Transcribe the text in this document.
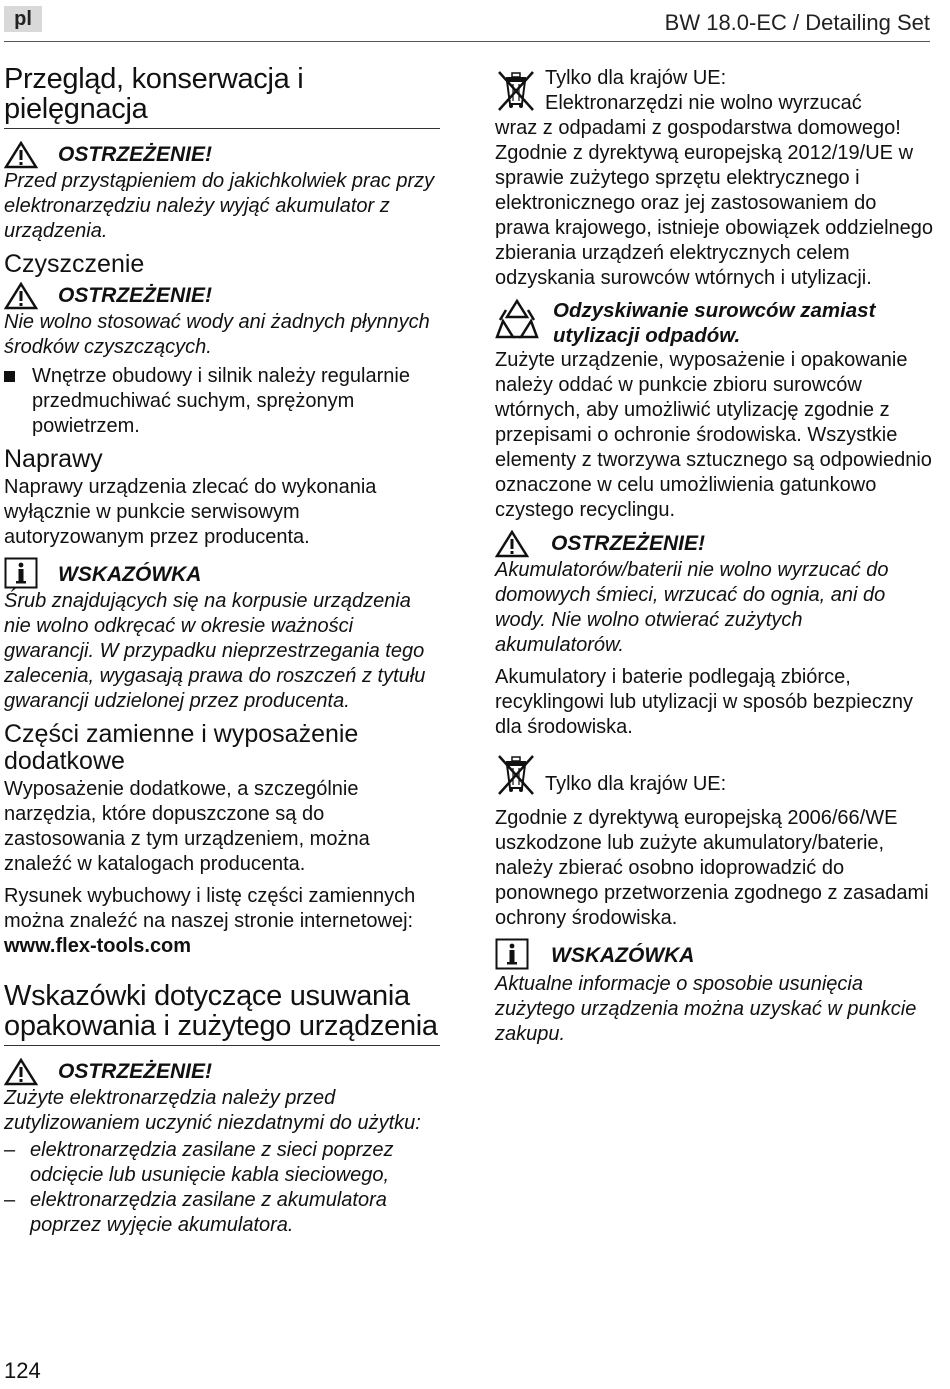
pl	BW 18.0-EC / Detailing Set
Przegląd, konserwacja i pielęgnacja
OSTRZEŻENIE!

Przed przystąpieniem do jakichkolwiek prac przy elektronarzędziu należy wyjąć akumulator z urządzenia.

Czyszczenie
OSTRZEŻENIE!

Nie wolno stosować wody ani żadnych płynnych środków czyszczących.

Wnętrze obudowy i silnik należy regularnie przedmuchiwać suchym, sprężonym powietrzem.
Naprawy

Naprawy urządzenia zlecać do wykonania wyłącznie w punkcie serwisowym autoryzowanym przez producenta.

WSKAZÓWKA

Śrub znajdujących się na korpusie urządzenia nie wolno odkręcać w okresie ważności gwarancji. W przypadku nieprzestrzegania tego zalecenia, wygasają prawa do roszczeń z tytułu gwarancji udzielonej przez producenta.

Części zamienne i wyposażenie dodatkowe

Wyposażenie dodatkowe, a szczególnie narzędzia, które dopuszczone są do zastosowania z tym urządzeniem, można znaleźć w katalogach producenta.

Rysunek wybuchowy i listę części zamiennych można znaleźć na naszej stronie internetowej: www.flex-tools.com

Wskazówki dotyczące usuwania opakowania i zużytego urządzenia
OSTRZEŻENIE!

Zużyte elektronarzędzia należy przed zutylizowaniem uczynić niezdatnymi do użytku:

– elektronarzędzia zasilane z sieci poprzez odcięcie lub usunięcie kabla sieciowego,
– elektronarzędzia zasilane z akumulatora poprzez wyjęcie akumulatora.

Tylko dla krajów UE:

Elektronarzędzi nie wolno wyrzucać

wraz z odpadami z gospodarstwa domowego! Zgodnie z dyrektywą europejską 2012/19/UE w sprawie zużytego sprzętu elektrycznego i elektronicznego oraz jej zastosowaniem do prawa krajowego, istnieje obowiązek oddzielnego zbierania urządzeń elektrycznych celem odzyskania surowców wtórnych i utylizacji.

Odzyskiwanie surowców zamiast utylizacji odpadów.

Zużyte urządzenie, wyposażenie i opakowanie należy oddać w punkcie zbioru surowców wtórnych, aby umożliwić utylizację zgodnie z przepisami o ochronie środowiska. Wszystkie elementy z tworzywa sztucznego są odpowiednio oznaczone w celu umożliwienia gatunkowo czystego recyclingu.

OSTRZEŻENIE!

Akumulatorów/baterii nie wolno wyrzucać do domowych śmieci, wrzucać do ognia, ani do wody. Nie wolno otwierać zużytych akumulatorów.

Akumulatory i baterie podlegają zbiórce, recyklingowi lub utylizacji w sposób bezpieczny dla środowiska.

Tylko dla krajów UE:

Zgodnie z dyrektywą europejską 2006/66/WE uszkodzone lub zużyte akumulatory/baterie, należy zbierać osobno idoprowadzić do ponownego przetworzenia zgodnego z zasadami ochrony środowiska.

WSKAZÓWKA

Aktualne informacje o sposobie usunięcia zużytego urządzenia można uzyskać w punkcie zakupu.

124
